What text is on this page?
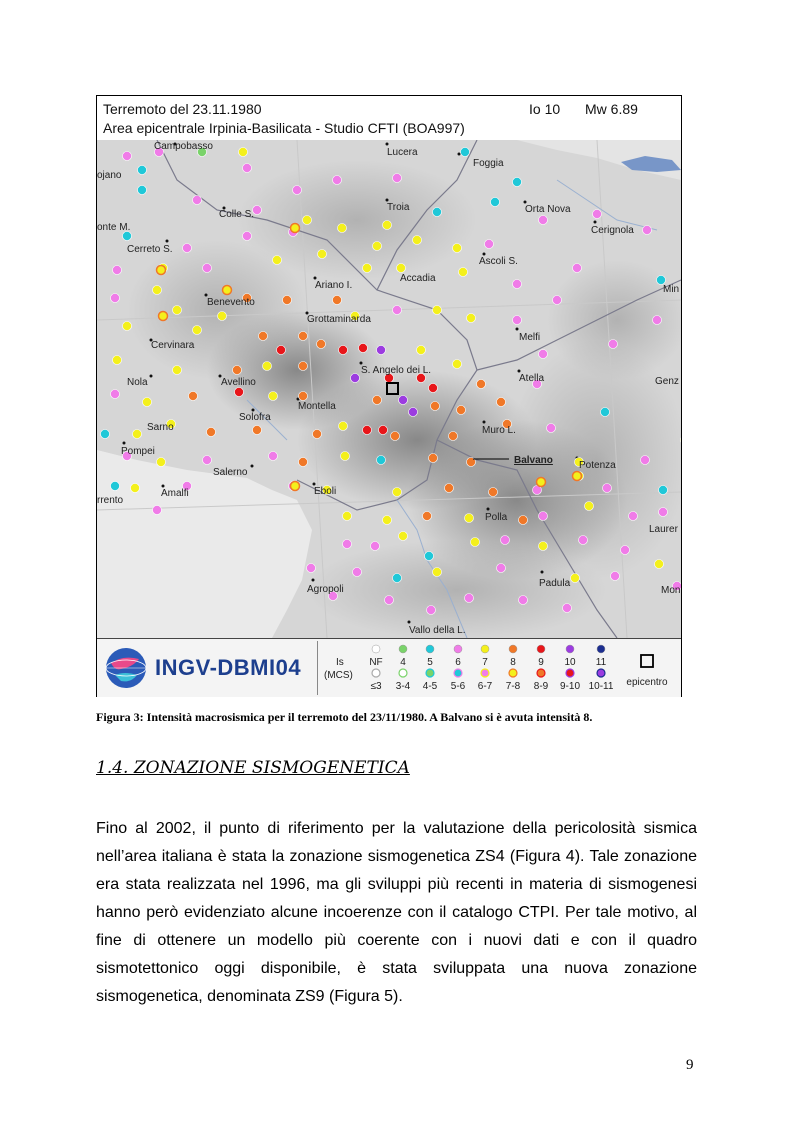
Terremoto del 23.11.1980
Area epicentrale Irpinia-Basilicata - Studio CFTI (BOA997)
Io 10 Mw 6.89
Campobasso
Lucera
Foggia
ojano
Troia	Orta Nova
Colle S.
Cerignola
onte M.
Cerreto S.
Ascoli S.
Ariano I.
Accadia
Min
Benevento
Grottaminarda
Melfi
Cervinara
S. Angelo dei L.
Atella	Genz
Nola	Avellino
Montella
Solofra
Sarno	Muro L.
Balvano	Potenza
Pompei
Salerno
Amalfi
rrento
Eboli
Laurer
Polla
Padula
Mon
Agropoli
Vallo della L.
INGV-DBMI04	Is
(MCS)
NF 4 5 6 7 8 9 10 11
≤3 3-4 4-5 5-6 6-7 7-8 8-9 9-10 10-11 epicentro
Figura 3: Intensità macrosismica per il terremoto del 23/11/1980. A Balvano si è avuta intensità 8.
1.4. ZONAZIONE SISMOGENETICA

Fino al 2002, il punto di riferimento per la valutazione della pericolosità sismica nell’area italiana è stata la zonazione sismogenetica ZS4 (Figura 4). Tale zonazione era stata realizzata nel 1996, ma gli sviluppi più recenti in materia di sismogenesi hanno però evidenziato alcune incoerenze con il catalogo CTPI. Per tale motivo, al fine di ottenere un modello più coerente con i nuovi dati e con il quadro sismotettonico oggi disponibile, è stata sviluppata una nuova zonazione sismogenetica, denominata ZS9 (Figura 5).

9
